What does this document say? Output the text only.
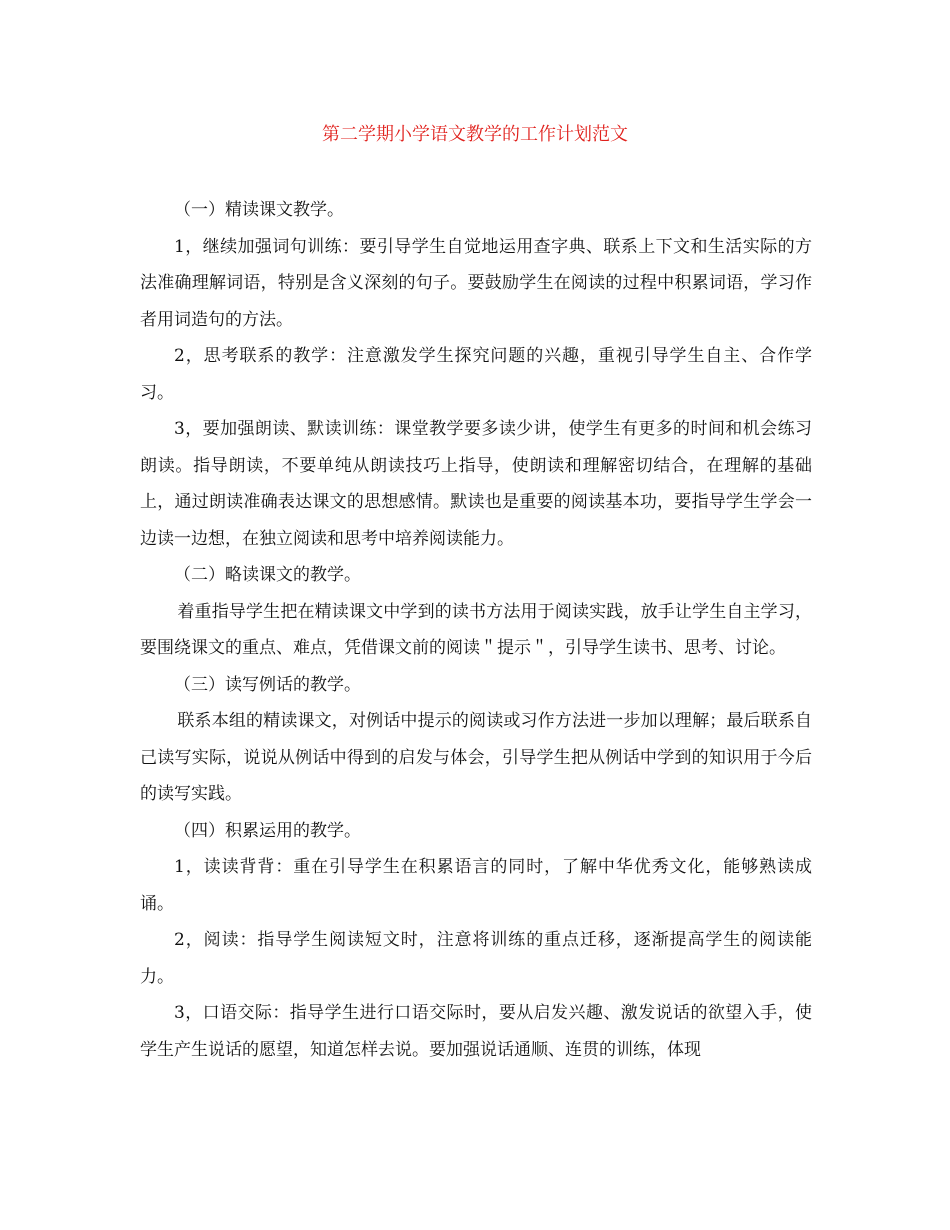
第二学期小学语文教学的工作计划范文

（一）精读课文教学。

1，继续加强词句训练：要引导学生自觉地运用查字典、联系上下文和生活实际的方法准确理解词语，特别是含义深刻的句子。要鼓励学生在阅读的过程中积累词语，学习作者用词造句的方法。

2，思考联系的教学：注意激发学生探究问题的兴趣，重视引导学生自主、合作学习。

3，要加强朗读、默读训练：课堂教学要多读少讲，使学生有更多的时间和机会练习朗读。指导朗读，不要单纯从朗读技巧上指导，使朗读和理解密切结合，在理解的基础上，通过朗读准确表达课文的思想感情。默读也是重要的阅读基本功，要指导学生学会一边读一边想，在独立阅读和思考中培养阅读能力。

（二）略读课文的教学。

着重指导学生把在精读课文中学到的读书方法用于阅读实践，放手让学生自主学习，要围绕课文的重点、难点，凭借课文前的阅读＂提示＂，引导学生读书、思考、讨论。

（三）读写例话的教学。

联系本组的精读课文，对例话中提示的阅读或习作方法进一步加以理解；最后联系自己读写实际，说说从例话中得到的启发与体会，引导学生把从例话中学到的知识用于今后的读写实践。

（四）积累运用的教学。

1，读读背背：重在引导学生在积累语言的同时，了解中华优秀文化，能够熟读成诵。

2，阅读：指导学生阅读短文时，注意将训练的重点迁移，逐渐提高学生的阅读能力。

3，口语交际：指导学生进行口语交际时，要从启发兴趣、激发说话的欲望入手，使学生产生说话的愿望，知道怎样去说。要加强说话通顺、连贯的训练，体现
